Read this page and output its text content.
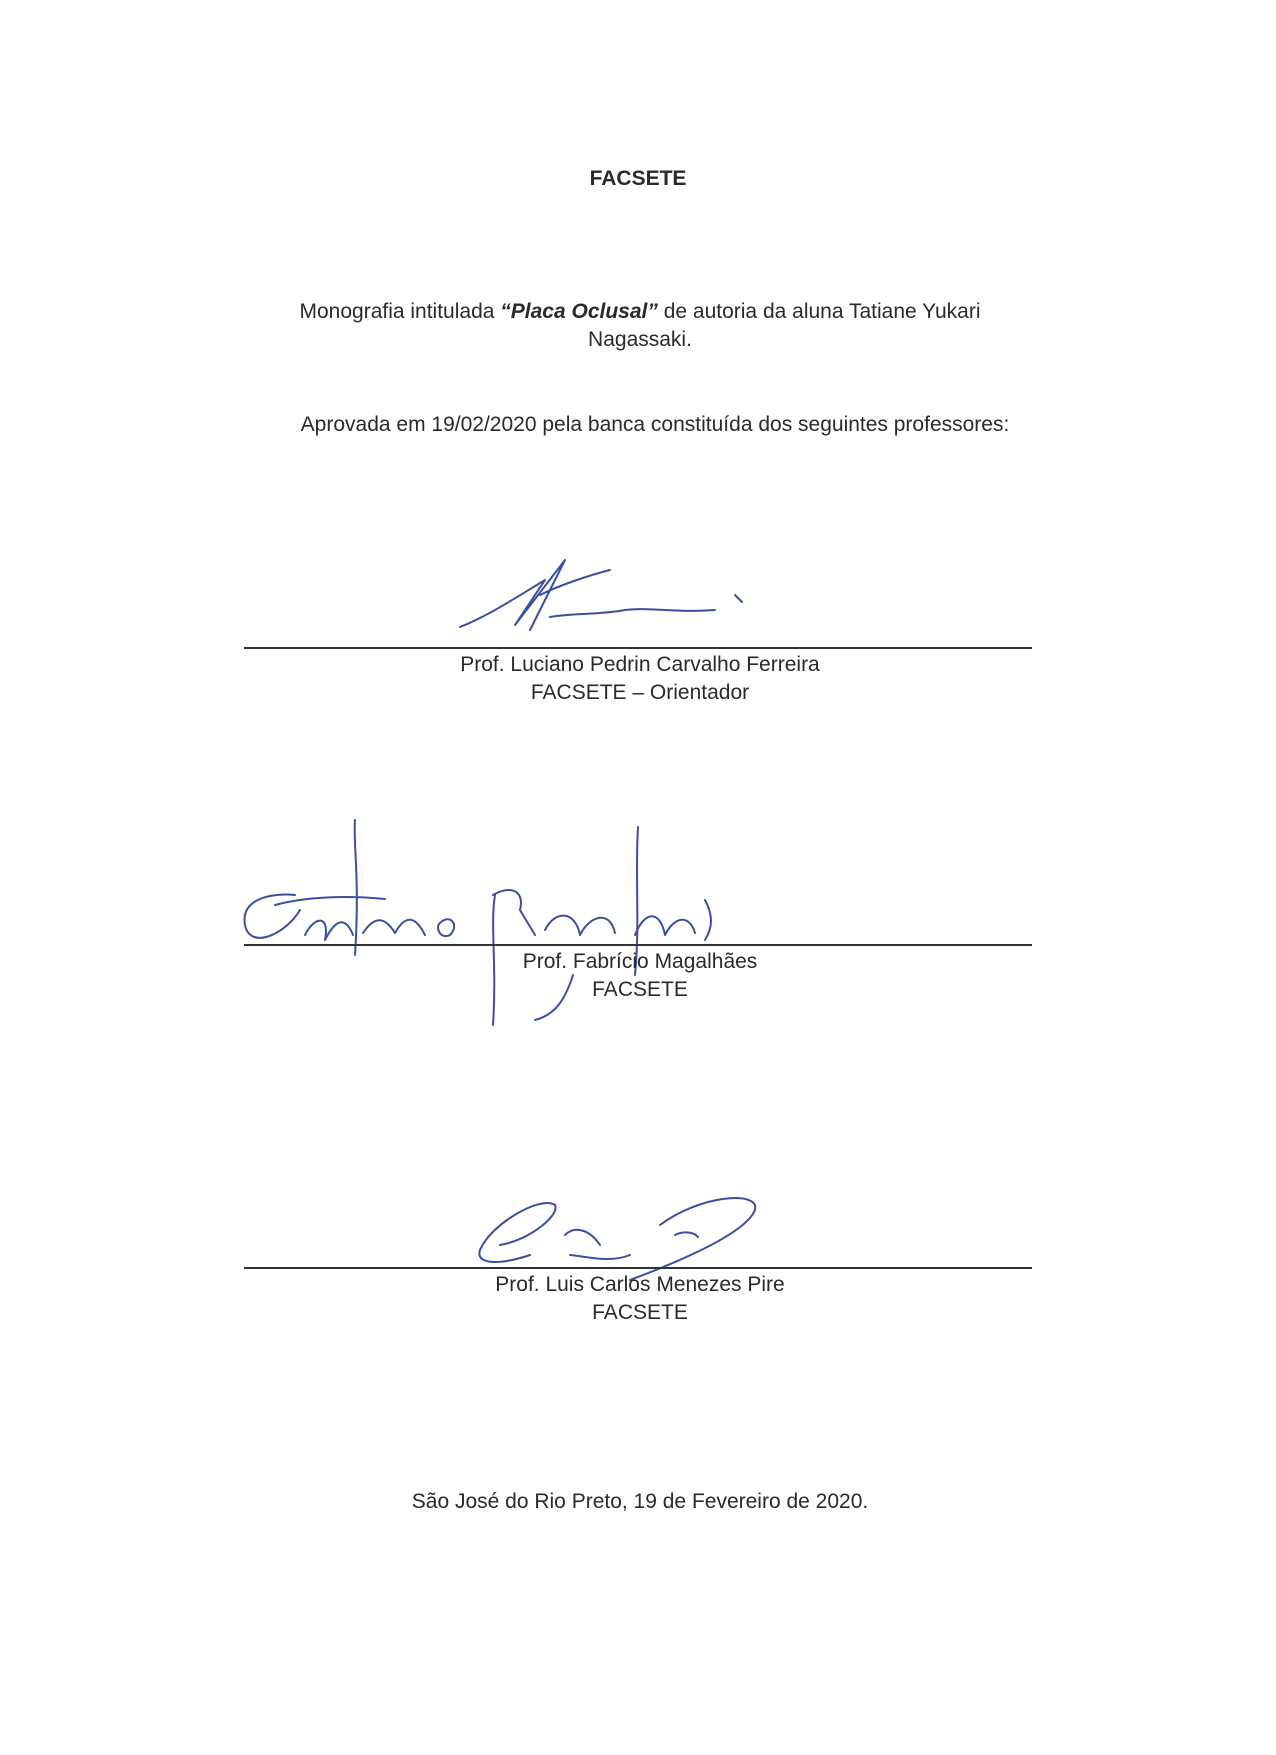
FACSETE
Monografia intitulada “Placa Oclusal” de autoria da aluna Tatiane Yukari Nagassaki.
Aprovada em 19/02/2020 pela banca constituída dos seguintes professores:
Prof. Luciano Pedrin Carvalho Ferreira
FACSETE – Orientador
Prof. Fabrício Magalhães
FACSETE
Prof. Luis Carlos Menezes Pire
FACSETE
São José do Rio Preto, 19 de Fevereiro de 2020.
